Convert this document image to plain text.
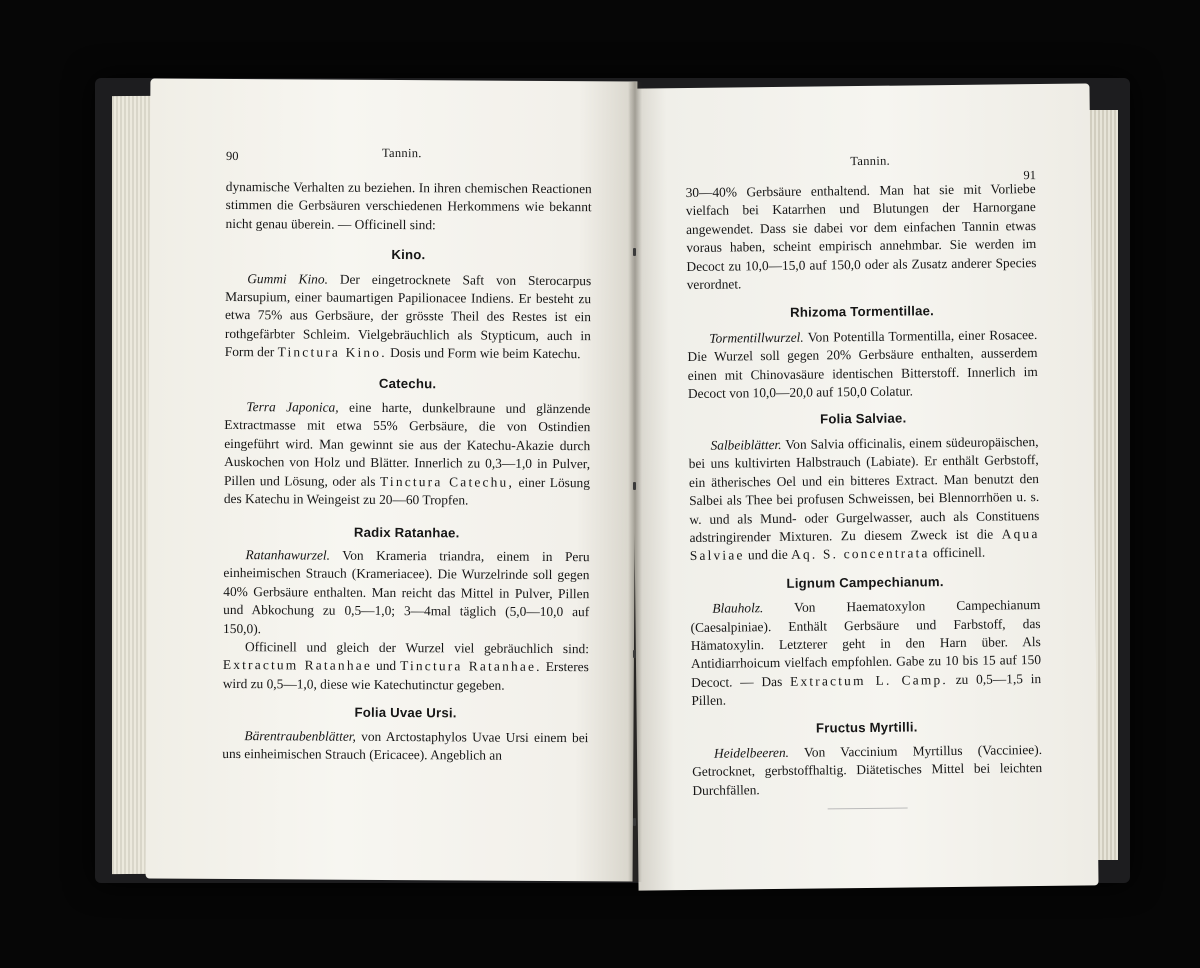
90	Tannin.

dynamische Verhalten zu beziehen. In ihren chemischen Reactionen stimmen die Gerbsäuren verschiedenen Herkommens wie bekannt nicht genau überein. — Officinell sind:

Kino.

Gummi Kino. Der eingetrocknete Saft von Sterocarpus Marsupium, einer baumartigen Papilionacee Indiens. Er besteht zu etwa 75% aus Gerbsäure, der grösste Theil des Restes ist ein rothgefärbter Schleim. Vielgebräuchlich als Stypticum, auch in Form der Tinctura Kino. Dosis und Form wie beim Katechu.

Catechu.

Terra Japonica, eine harte, dunkelbraune und glänzende Extractmasse mit etwa 55% Gerbsäure, die von Ostindien eingeführt wird. Man gewinnt sie aus der Katechu-Akazie durch Auskochen von Holz und Blätter. Innerlich zu 0,3—1,0 in Pulver, Pillen und Lösung, oder als Tinctura Catechu, einer Lösung des Katechu in Weingeist zu 20—60 Tropfen.

Radix Ratanhae.

Ratanhawurzel. Von Krameria triandra, einem in Peru einheimischen Strauch (Krameriacee). Die Wurzelrinde soll gegen 40% Gerbsäure enthalten. Man reicht das Mittel in Pulver, Pillen und Abkochung zu 0,5—1,0; 3—4mal täglich (5,0—10,0 auf 150,0).

Officinell und gleich der Wurzel viel gebräuchlich sind: Extractum Ratanhae und Tinctura Ratanhae. Ersteres wird zu 0,5—1,0, diese wie Katechutinctur gegeben.

Folia Uvae Ursi.

Bärentraubenblätter, von Arctostaphylos Uvae Ursi einem bei uns einheimischen Strauch (Ericacee). Angeblich an

Tannin.
91

30—40% Gerbsäure enthaltend. Man hat sie mit Vorliebe vielfach bei Katarrhen und Blutungen der Harnorgane angewendet. Dass sie dabei vor dem einfachen Tannin etwas voraus haben, scheint empirisch annehmbar. Sie werden im Decoct zu 10,0—15,0 auf 150,0 oder als Zusatz anderer Species verordnet.

Rhizoma Tormentillae.

Tormentillwurzel. Von Potentilla Tormentilla, einer Rosacee. Die Wurzel soll gegen 20% Gerbsäure enthalten, ausserdem einen mit Chinovasäure identischen Bitterstoff. Innerlich im Decoct von 10,0—20,0 auf 150,0 Colatur.

Folia Salviae.

Salbeiblätter. Von Salvia officinalis, einem südeuropäischen, bei uns kultivirten Halbstrauch (Labiate). Er enthält Gerbstoff, ein ätherisches Oel und ein bitteres Extract. Man benutzt den Salbei als Thee bei profusen Schweissen, bei Blennorrhöen u. s. w. und als Mund- oder Gurgelwasser, auch als Constituens adstringirender Mixturen. Zu diesem Zweck ist die Aqua Salviae und die Aq. S. concentrata officinell.

Lignum Campechianum.

Blauholz. Von Haematoxylon Campechianum (Caesalpiniae). Enthält Gerbsäure und Farbstoff, das Hämatoxylin. Letzterer geht in den Harn über. Als Antidiarrhoicum vielfach empfohlen. Gabe zu 10 bis 15 auf 150 Decoct. — Das Extractum L. Camp. zu 0,5—1,5 in Pillen.

Fructus Myrtilli.

Heidelbeeren. Von Vaccinium Myrtillus (Vacciniee). Getrocknet, gerbstoffhaltig. Diätetisches Mittel bei leichten Durchfällen.
